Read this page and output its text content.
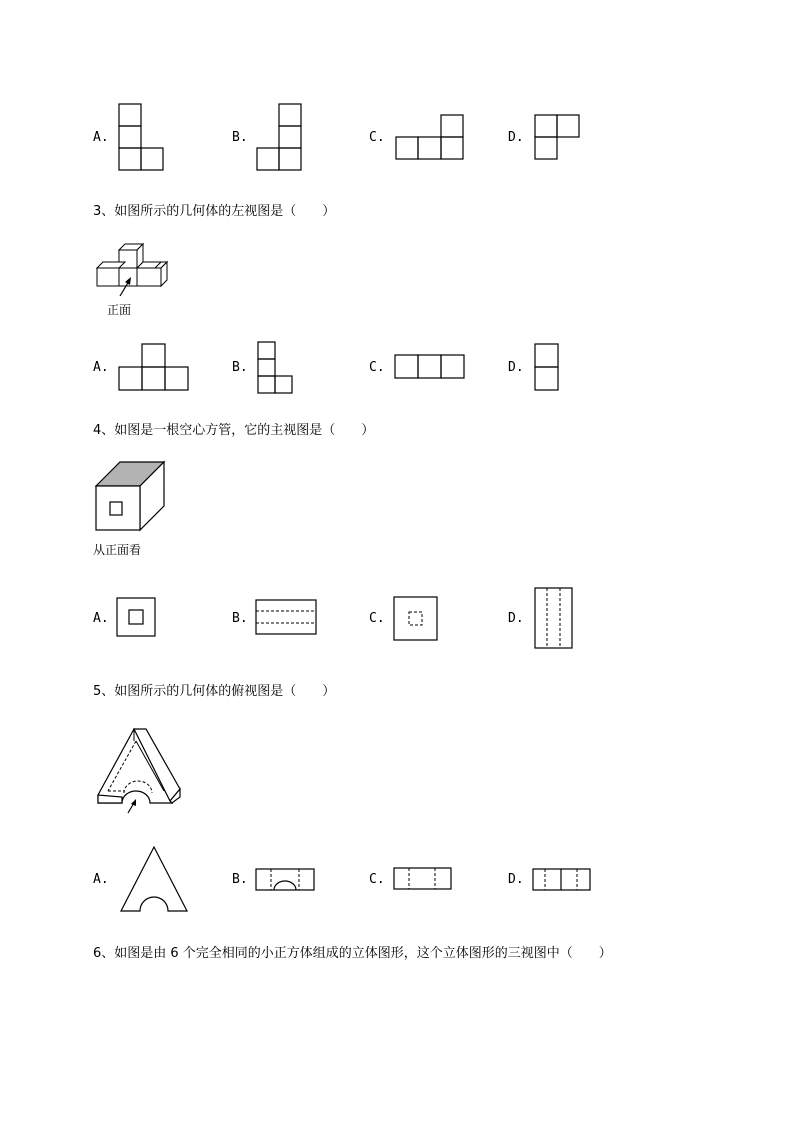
A.	B.	C.	D.
3、如图所示的几何体的左视图是（　　）
正面
A.	B.	C.	D.
4、如图是一根空心方管，它的主视图是（　　）
从正面看
A.	B.	C.	D.
5、如图所示的几何体的俯视图是（　　）
A.	B.	C.	D.
6、如图是由 6 个完全相同的小正方体组成的立体图形，这个立体图形的三视图中（　　）
